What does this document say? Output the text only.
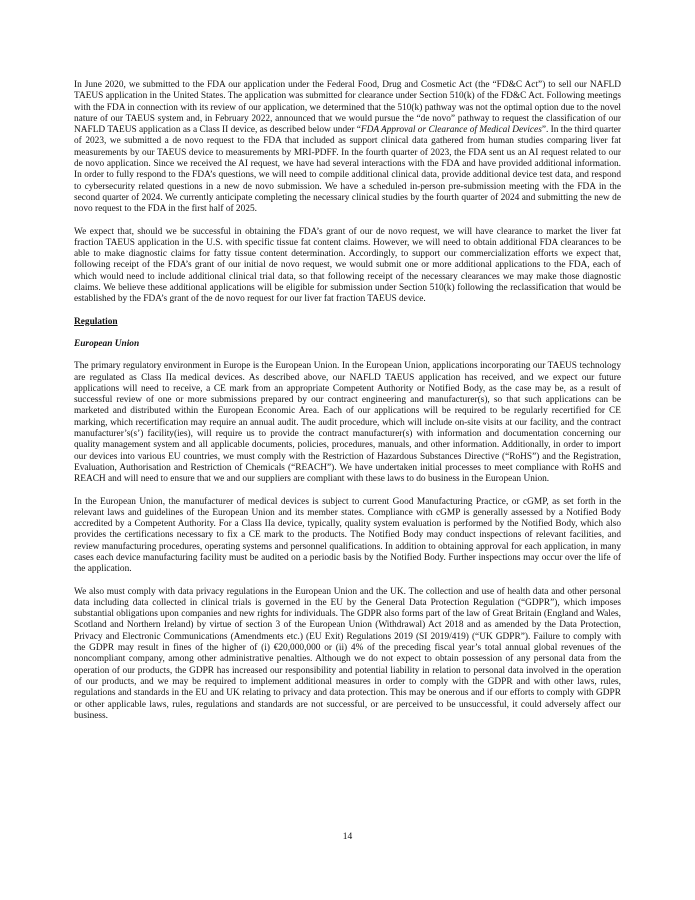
In June 2020, we submitted to the FDA our application under the Federal Food, Drug and Cosmetic Act (the “FD&C Act”) to sell our NAFLD TAEUS application in the United States. The application was submitted for clearance under Section 510(k) of the FD&C Act. Following meetings with the FDA in connection with its review of our application, we determined that the 510(k) pathway was not the optimal option due to the novel nature of our TAEUS system and, in February 2022, announced that we would pursue the “de novo” pathway to request the classification of our NAFLD TAEUS application as a Class II device, as described below under “FDA Approval or Clearance of Medical Devices”. In the third quarter of 2023, we submitted a de novo request to the FDA that included as support clinical data gathered from human studies comparing liver fat measurements by our TAEUS device to measurements by MRI-PDFF. In the fourth quarter of 2023, the FDA sent us an AI request related to our de novo application. Since we received the AI request, we have had several interactions with the FDA and have provided additional information. In order to fully respond to the FDA’s questions, we will need to compile additional clinical data, provide additional device test data, and respond to cybersecurity related questions in a new de novo submission. We have a scheduled in-person pre-submission meeting with the FDA in the second quarter of 2024. We currently anticipate completing the necessary clinical studies by the fourth quarter of 2024 and submitting the new de novo request to the FDA in the first half of 2025.

We expect that, should we be successful in obtaining the FDA’s grant of our de novo request, we will have clearance to market the liver fat fraction TAEUS application in the U.S. with specific tissue fat content claims. However, we will need to obtain additional FDA clearances to be able to make diagnostic claims for fatty tissue content determination. Accordingly, to support our commercialization efforts we expect that, following receipt of the FDA’s grant of our initial de novo request, we would submit one or more additional applications to the FDA, each of which would need to include additional clinical trial data, so that following receipt of the necessary clearances we may make those diagnostic claims. We believe these additional applications will be eligible for submission under Section 510(k) following the reclassification that would be established by the FDA’s grant of the de novo request for our liver fat fraction TAEUS device.

Regulation
European Union

The primary regulatory environment in Europe is the European Union. In the European Union, applications incorporating our TAEUS technology are regulated as Class IIa medical devices. As described above, our NAFLD TAEUS application has received, and we expect our future applications will need to receive, a CE mark from an appropriate Competent Authority or Notified Body, as the case may be, as a result of successful review of one or more submissions prepared by our contract engineering and manufacturer(s), so that such applications can be marketed and distributed within the European Economic Area. Each of our applications will be required to be regularly recertified for CE marking, which recertification may require an annual audit. The audit procedure, which will include on-site visits at our facility, and the contract manufacturer’s(s’) facility(ies), will require us to provide the contract manufacturer(s) with information and documentation concerning our quality management system and all applicable documents, policies, procedures, manuals, and other information. Additionally, in order to import our devices into various EU countries, we must comply with the Restriction of Hazardous Substances Directive (“RoHS”) and the Registration, Evaluation, Authorisation and Restriction of Chemicals (“REACH”). We have undertaken initial processes to meet compliance with RoHS and REACH and will need to ensure that we and our suppliers are compliant with these laws to do business in the European Union.

In the European Union, the manufacturer of medical devices is subject to current Good Manufacturing Practice, or cGMP, as set forth in the relevant laws and guidelines of the European Union and its member states. Compliance with cGMP is generally assessed by a Notified Body accredited by a Competent Authority. For a Class IIa device, typically, quality system evaluation is performed by the Notified Body, which also provides the certifications necessary to fix a CE mark to the products. The Notified Body may conduct inspections of relevant facilities, and review manufacturing procedures, operating systems and personnel qualifications. In addition to obtaining approval for each application, in many cases each device manufacturing facility must be audited on a periodic basis by the Notified Body. Further inspections may occur over the life of the application.

We also must comply with data privacy regulations in the European Union and the UK. The collection and use of health data and other personal data including data collected in clinical trials is governed in the EU by the General Data Protection Regulation (“GDPR”), which imposes substantial obligations upon companies and new rights for individuals. The GDPR also forms part of the law of Great Britain (England and Wales, Scotland and Northern Ireland) by virtue of section 3 of the European Union (Withdrawal) Act 2018 and as amended by the Data Protection, Privacy and Electronic Communications (Amendments etc.) (EU Exit) Regulations 2019 (SI 2019/419) (“UK GDPR”). Failure to comply with the GDPR may result in fines of the higher of (i) €20,000,000 or (ii) 4% of the preceding fiscal year’s total annual global revenues of the noncompliant company, among other administrative penalties. Although we do not expect to obtain possession of any personal data from the operation of our products, the GDPR has increased our responsibility and potential liability in relation to personal data involved in the operation of our products, and we may be required to implement additional measures in order to comply with the GDPR and with other laws, rules, regulations and standards in the EU and UK relating to privacy and data protection. This may be onerous and if our efforts to comply with GDPR or other applicable laws, rules, regulations and standards are not successful, or are perceived to be unsuccessful, it could adversely affect our business.

14
